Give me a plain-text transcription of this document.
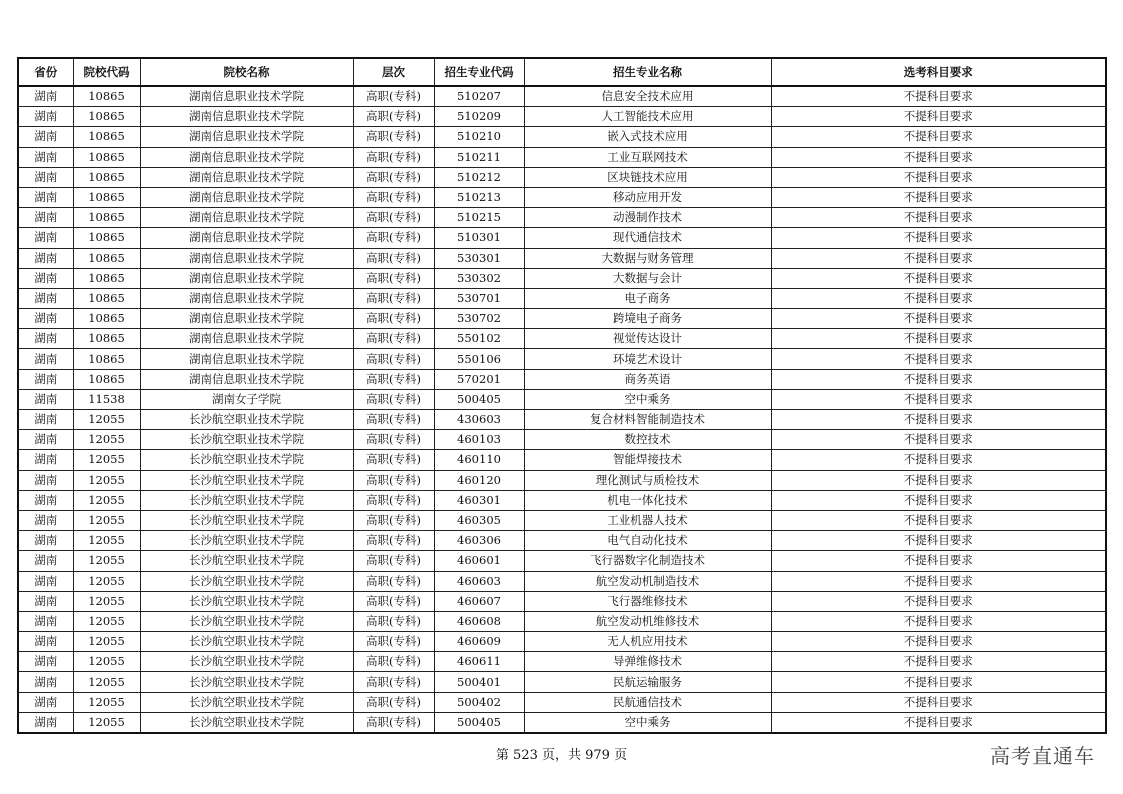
省份	院校代码	院校名称	层次	招生专业代码	招生专业名称	选考科目要求
湖南	10865	湖南信息职业技术学院	高职(专科)	510207	信息安全技术应用	不提科目要求
湖南	10865	湖南信息职业技术学院	高职(专科)	510209	人工智能技术应用	不提科目要求
湖南	10865	湖南信息职业技术学院	高职(专科)	510210	嵌入式技术应用	不提科目要求
湖南	10865	湖南信息职业技术学院	高职(专科)	510211	工业互联网技术	不提科目要求
湖南	10865	湖南信息职业技术学院	高职(专科)	510212	区块链技术应用	不提科目要求
湖南	10865	湖南信息职业技术学院	高职(专科)	510213	移动应用开发	不提科目要求
湖南	10865	湖南信息职业技术学院	高职(专科)	510215	动漫制作技术	不提科目要求
湖南	10865	湖南信息职业技术学院	高职(专科)	510301	现代通信技术	不提科目要求
湖南	10865	湖南信息职业技术学院	高职(专科)	530301	大数据与财务管理	不提科目要求
湖南	10865	湖南信息职业技术学院	高职(专科)	530302	大数据与会计	不提科目要求
湖南	10865	湖南信息职业技术学院	高职(专科)	530701	电子商务	不提科目要求
湖南	10865	湖南信息职业技术学院	高职(专科)	530702	跨境电子商务	不提科目要求
湖南	10865	湖南信息职业技术学院	高职(专科)	550102	视觉传达设计	不提科目要求
湖南	10865	湖南信息职业技术学院	高职(专科)	550106	环境艺术设计	不提科目要求
湖南	10865	湖南信息职业技术学院	高职(专科)	570201	商务英语	不提科目要求
湖南	11538	湖南女子学院	高职(专科)	500405	空中乘务	不提科目要求
湖南	12055	长沙航空职业技术学院	高职(专科)	430603	复合材料智能制造技术	不提科目要求
湖南	12055	长沙航空职业技术学院	高职(专科)	460103	数控技术	不提科目要求
湖南	12055	长沙航空职业技术学院	高职(专科)	460110	智能焊接技术	不提科目要求
湖南	12055	长沙航空职业技术学院	高职(专科)	460120	理化测试与质检技术	不提科目要求
湖南	12055	长沙航空职业技术学院	高职(专科)	460301	机电一体化技术	不提科目要求
湖南	12055	长沙航空职业技术学院	高职(专科)	460305	工业机器人技术	不提科目要求
湖南	12055	长沙航空职业技术学院	高职(专科)	460306	电气自动化技术	不提科目要求
湖南	12055	长沙航空职业技术学院	高职(专科)	460601	飞行器数字化制造技术	不提科目要求
湖南	12055	长沙航空职业技术学院	高职(专科)	460603	航空发动机制造技术	不提科目要求
湖南	12055	长沙航空职业技术学院	高职(专科)	460607	飞行器维修技术	不提科目要求
湖南	12055	长沙航空职业技术学院	高职(专科)	460608	航空发动机维修技术	不提科目要求
湖南	12055	长沙航空职业技术学院	高职(专科)	460609	无人机应用技术	不提科目要求
湖南	12055	长沙航空职业技术学院	高职(专科)	460611	导弹维修技术	不提科目要求
湖南	12055	长沙航空职业技术学院	高职(专科)	500401	民航运输服务	不提科目要求
湖南	12055	长沙航空职业技术学院	高职(专科)	500402	民航通信技术	不提科目要求
湖南	12055	长沙航空职业技术学院	高职(专科)	500405	空中乘务	不提科目要求
第 523 页，共 979 页	高考直通车
